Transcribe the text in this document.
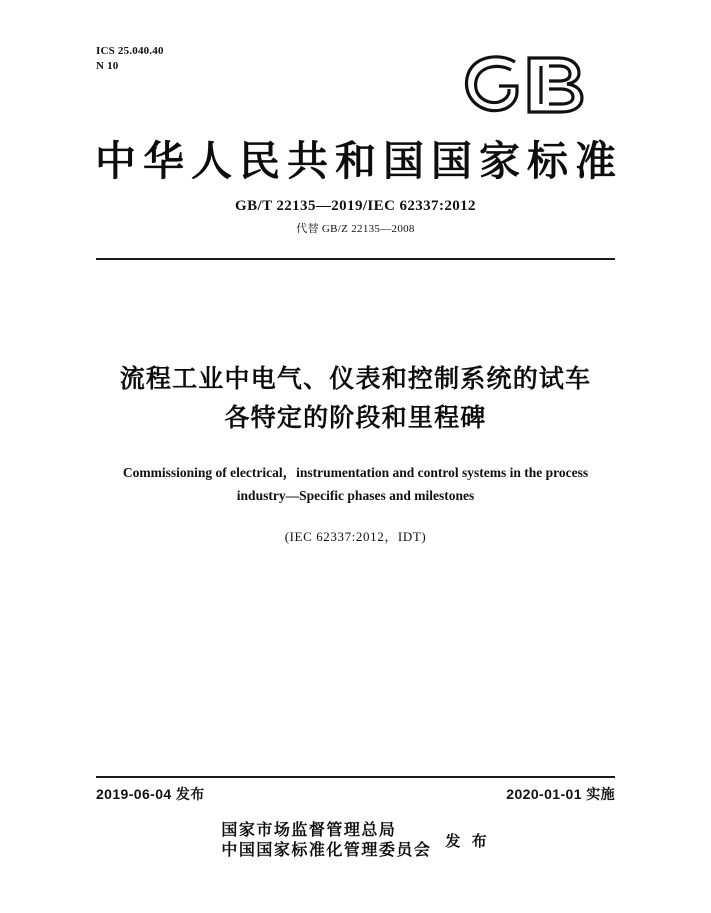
ICS 25.040.40
N 10
中华人民共和国国家标准
GB/T 22135—2019/IEC 62337:2012
代替 GB/Z 22135—2008
流程工业中电气、仪表和控制系统的试车
各特定的阶段和里程碑
Commissioning of electrical，instrumentation and control systems in the process
industry—Specific phases and milestones
(IEC 62337:2012，IDT)
2019-06-04 发布	2020-01-01 实施
国家市场监督管理总局
中国国家标准化管理委员会 发 布
